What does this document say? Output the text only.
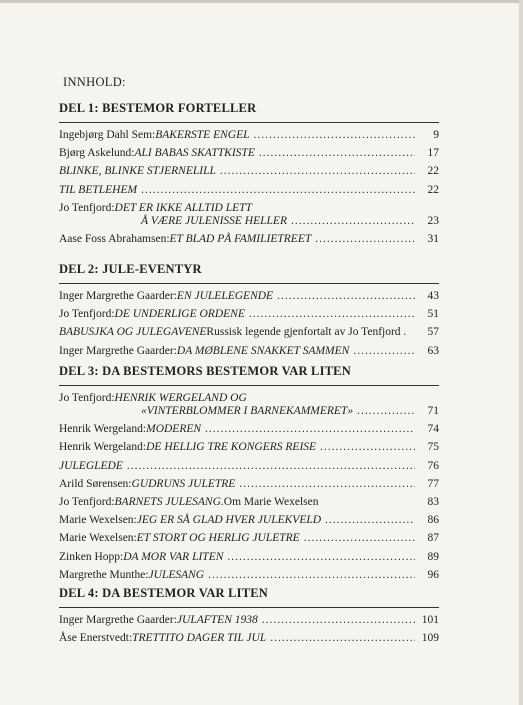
INNHOLD:
DEL 1: BESTEMOR FORTELLER
Ingebjørg Dahl Sem: BAKERSTE ENGEL .....	9
Bjørg Askelund: ALI BABAS SKATTKISTE .....	17
BLINKE, BLINKE STJERNELILL .....	22
TIL BETLEHEM .....	22
Jo Tenfjord: DET ER IKKE ALLTID LETT
Å VÆRE JULENISSE HELLER .....	23
Aase Foss Abrahamsen: ET BLAD PÅ FAMILIETREET .....	31
DEL 2: JULE-EVENTYR
Inger Margrethe Gaarder: EN JULELEGENDE .....	43
Jo Tenfjord: DE UNDERLIGE ORDENE .....	51
BABUSJKA OG JULEGAVENE Russisk legende gjenfortalt av Jo Tenfjord .	57
Inger Margrethe Gaarder: DA MØBLENE SNAKKET SAMMEN .....	63
DEL 3: DA BESTEMORS BESTEMOR VAR LITEN
Jo Tenfjord: HENRIK WERGELAND OG
«VINTERBLOMMER I BARNEKAMMERET» .....	71
Henrik Wergeland: MODEREN .....	74
Henrik Wergeland: DE HELLIG TRE KONGERS REISE .....	75
JULEGLEDE .....	76
Arild Sørensen: GUDRUNS JULETRE .....	77
Jo Tenfjord: BARNETS JULESANG. Om Marie Wexelsen	83
Marie Wexelsen: JEG ER SÅ GLAD HVER JULEKVELD .....	86
Marie Wexelsen: ET STORT OG HERLIG JULETRE .....	87
Zinken Hopp: DA MOR VAR LITEN .....	89
Margrethe Munthe: JULESANG .....	96
DEL 4: DA BESTEMOR VAR LITEN
Inger Margrethe Gaarder: JULAFTEN 1938 .....	101
Åse Enerstvedt: TRETTITO DAGER TIL JUL .....	109
